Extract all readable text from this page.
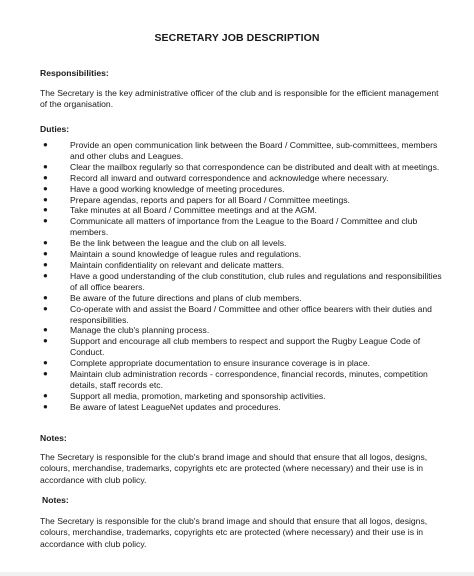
SECRETARY JOB DESCRIPTION
Responsibilities:
The Secretary is the key administrative officer of the club and is responsible for the efficient management of the organisation.
Duties:
●	Provide an open communication link between the Board / Committee, sub-committees, members and other clubs and Leagues.
●	Clear the mailbox regularly so that correspondence can be distributed and dealt with at meetings.
●	Record all inward and outward correspondence and acknowledge where necessary.
●	Have a good working knowledge of meeting procedures.
●	Prepare agendas, reports and papers for all Board / Committee meetings.
●	Take minutes at all Board / Committee meetings and at the AGM.
●	Communicate all matters of importance from the League to the Board / Committee and club members.
●	Be the link between the league and the club on all levels.
●	Maintain a sound knowledge of league rules and regulations.
●	Maintain confidentiality on relevant and delicate matters.
●	Have a good understanding of the club constitution, club rules and regulations and responsibilities of all office bearers.
●	Be aware of the future directions and plans of club members.
●	Co-operate with and assist the Board / Committee and other office bearers with their duties and responsibilities.
●	Manage the club's planning process.
●	Support and encourage all club members to respect and support the Rugby League Code of Conduct.
●	Complete appropriate documentation to ensure insurance coverage is in place.
●	Maintain club administration records - correspondence, financial records, minutes, competition details, staff records etc.
●	Support all media, promotion, marketing and sponsorship activities.
●	Be aware of latest LeagueNet updates and procedures.
Notes:
The Secretary is responsible for the club's brand image and should that ensure that all logos, designs, colours, merchandise, trademarks, copyrights etc are protected (where necessary) and their use is in accordance with club policy.
Notes:
The Secretary is responsible for the club's brand image and should that ensure that all logos, designs, colours, merchandise, trademarks, copyrights etc are protected (where necessary) and their use is in accordance with club policy.
